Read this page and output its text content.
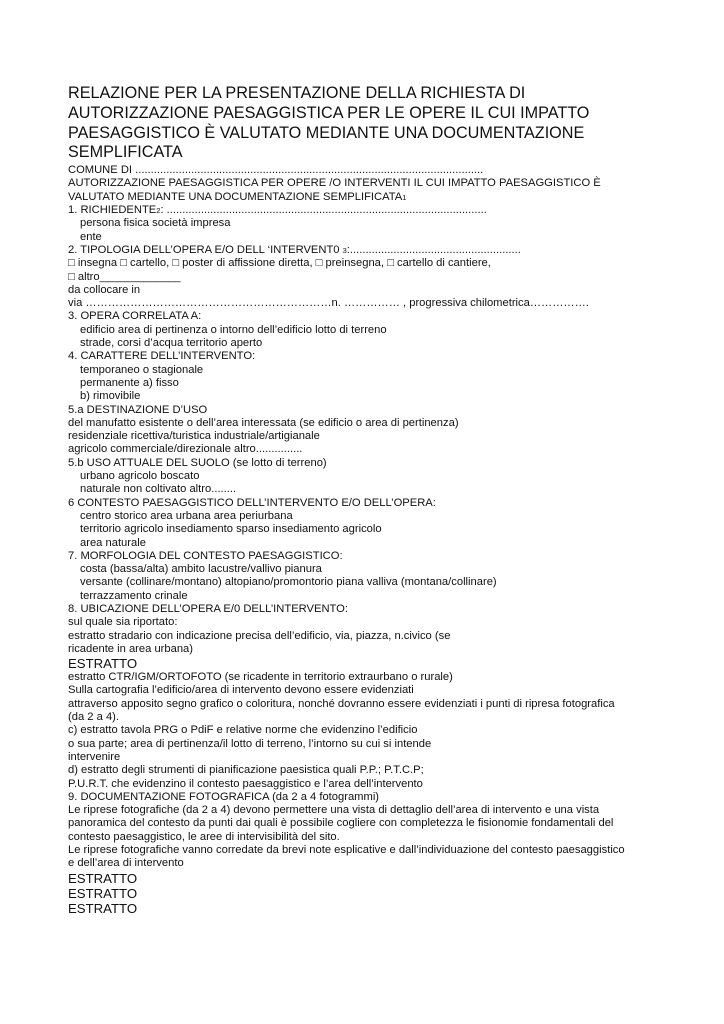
RELAZIONE PER LA PRESENTAZIONE DELLA RICHIESTA DI
AUTORIZZAZIONE PAESAGGISTICA PER LE OPERE IL CUI IMPATTO
PAESAGGISTICO È VALUTATO MEDIANTE UNA DOCUMENTAZIONE
SEMPLIFICATA
COMUNE DI ................................................................................................................
AUTORIZZAZIONE PAESAGGISTICA PER OPERE /O INTERVENTI IL CUI IMPATTO PAESAGGISTICO È
VALUTATO MEDIANTE UNA DOCUMENTAZIONE SEMPLIFICATA1
1. RICHIEDENTE2: .......................................................................................................
persona fisica società impresa
ente
2. TIPOLOGIA DELL’OPERA E/O DELL ‘INTERVENT0 3:.......................................................
□ insegna □ cartello, □ poster di affissione diretta, □ preinsegna, □ cartello di cantiere,
□ altro_____________
da collocare in
via …………………………………………………………n. …………… , progressiva chilometrica…………….
3. OPERA CORRELATA A:
edificio area di pertinenza o intorno dell’edificio lotto di terreno
strade, corsi d’acqua territorio aperto
4. CARATTERE DELL’INTERVENTO:
temporaneo o stagionale
permanente a) fisso
b) rimovibile
5.a DESTINAZIONE D’USO
del manufatto esistente o dell’area interessata (se edificio o area di pertinenza)
residenziale ricettiva/turistica industriale/artigianale
agricolo commerciale/direzionale altro...............
5.b USO ATTUALE DEL SUOLO (se lotto di terreno)
urbano agricolo boscato
naturale non coltivato altro........
6 CONTESTO PAESAGGISTICO DELL’INTERVENTO E/O DELL’OPERA:
centro storico area urbana area periurbana
territorio agricolo insediamento sparso insediamento agricolo
area naturale
7. MORFOLOGIA DEL CONTESTO PAESAGGISTICO:
costa (bassa/alta) ambito lacustre/vallivo pianura
versante (collinare/montano) altopiano/promontorio piana valliva (montana/collinare)
terrazzamento crinale
8. UBICAZIONE DELL’OPERA E/0 DELL’INTERVENTO:
sul quale sia riportato:
estratto stradario con indicazione precisa dell’edificio, via, piazza, n.civico (se
ricadente in area urbana)
ESTRATTO
estratto CTR/IGM/ORTOFOTO (se ricadente in territorio extraurbano o rurale)
Sulla cartografia l’edificio/area di intervento devono essere evidenziati
attraverso apposito segno grafico o coloritura, nonché dovranno essere evidenziati i punti di ripresa fotografica
(da 2 a 4).
c) estratto tavola PRG o PdiF e relative norme che evidenzino l’edificio
o sua parte; area di pertinenza/il lotto di terreno, l’intorno su cui si intende
intervenire
d) estratto degli strumenti di pianificazione paesistica quali P.P.; P.T.C.P;
P.U.R.T. che evidenzino il contesto paesaggistico e l’area dell’intervento
9. DOCUMENTAZIONE FOTOGRAFICA (da 2 a 4 fotogrammi)
Le riprese fotografiche (da 2 a 4) devono permettere una vista di dettaglio dell’area di intervento e una vista
panoramica del contesto da punti dai quali è possibile cogliere con completezza le fisionomie fondamentali del
contesto paesaggistico, le aree di intervisibilità del sito.
Le riprese fotografiche vanno corredate da brevi note esplicative e dall’individuazione del contesto paesaggistico
e dell’area di intervento
ESTRATTO
ESTRATTO
ESTRATTO
